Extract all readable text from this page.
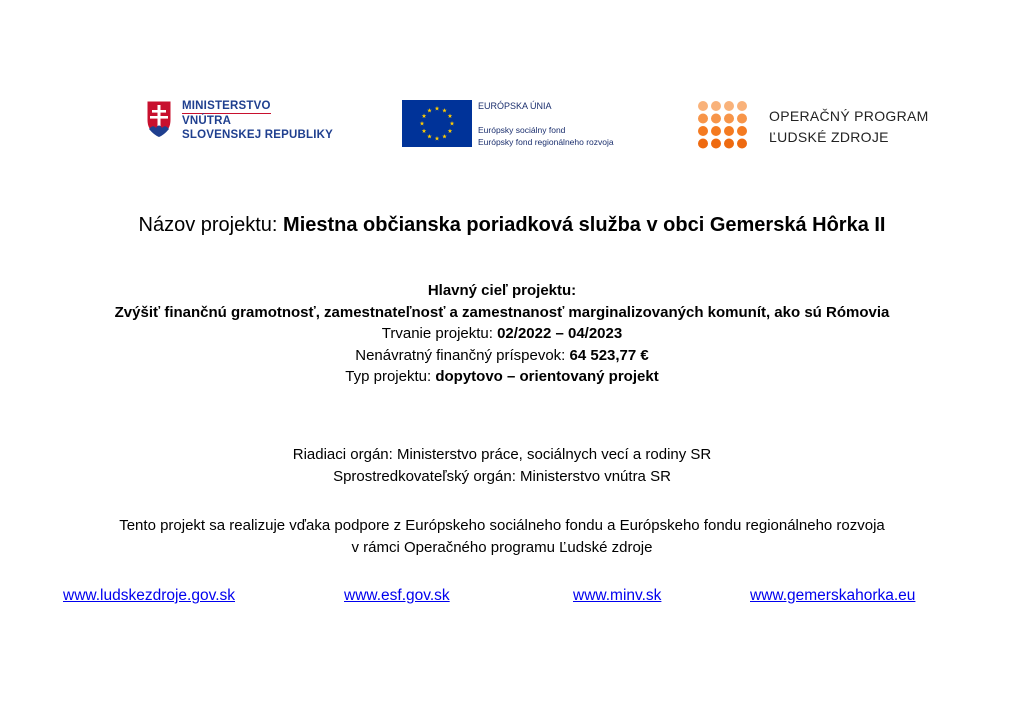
MINISTERSTVO
VNÚTRA
SLOVENSKEJ REPUBLIKY
EURÓPSKA ÚNIA
Európsky sociálny fond
Európsky fond regionálneho rozvoja
OPERAČNÝ PROGRAM
ĽUDSKÉ ZDROJE
Názov projektu: Miestna občianska poriadková služba v obci Gemerská Hôrka II
Hlavný cieľ projektu:
Zvýšiť finančnú gramotnosť, zamestnateľnosť a zamestnanosť marginalizovaných komunít, ako sú Rómovia
Trvanie projektu: 02/2022 – 04/2023
Nenávratný finančný príspevok: 64 523,77 €
Typ projektu: dopytovo – orientovaný projekt
Riadiaci orgán: Ministerstvo práce, sociálnych vecí a rodiny SR
Sprostredkovateľský orgán: Ministerstvo vnútra SR
Tento projekt sa realizuje vďaka podpore z Európskeho sociálneho fondu a Európskeho fondu regionálneho rozvoja
v rámci Operačného programu Ľudské zdroje
www.ludskezdroje.gov.sk	www.esf.gov.sk	www.minv.sk	www.gemerskahorka.eu
